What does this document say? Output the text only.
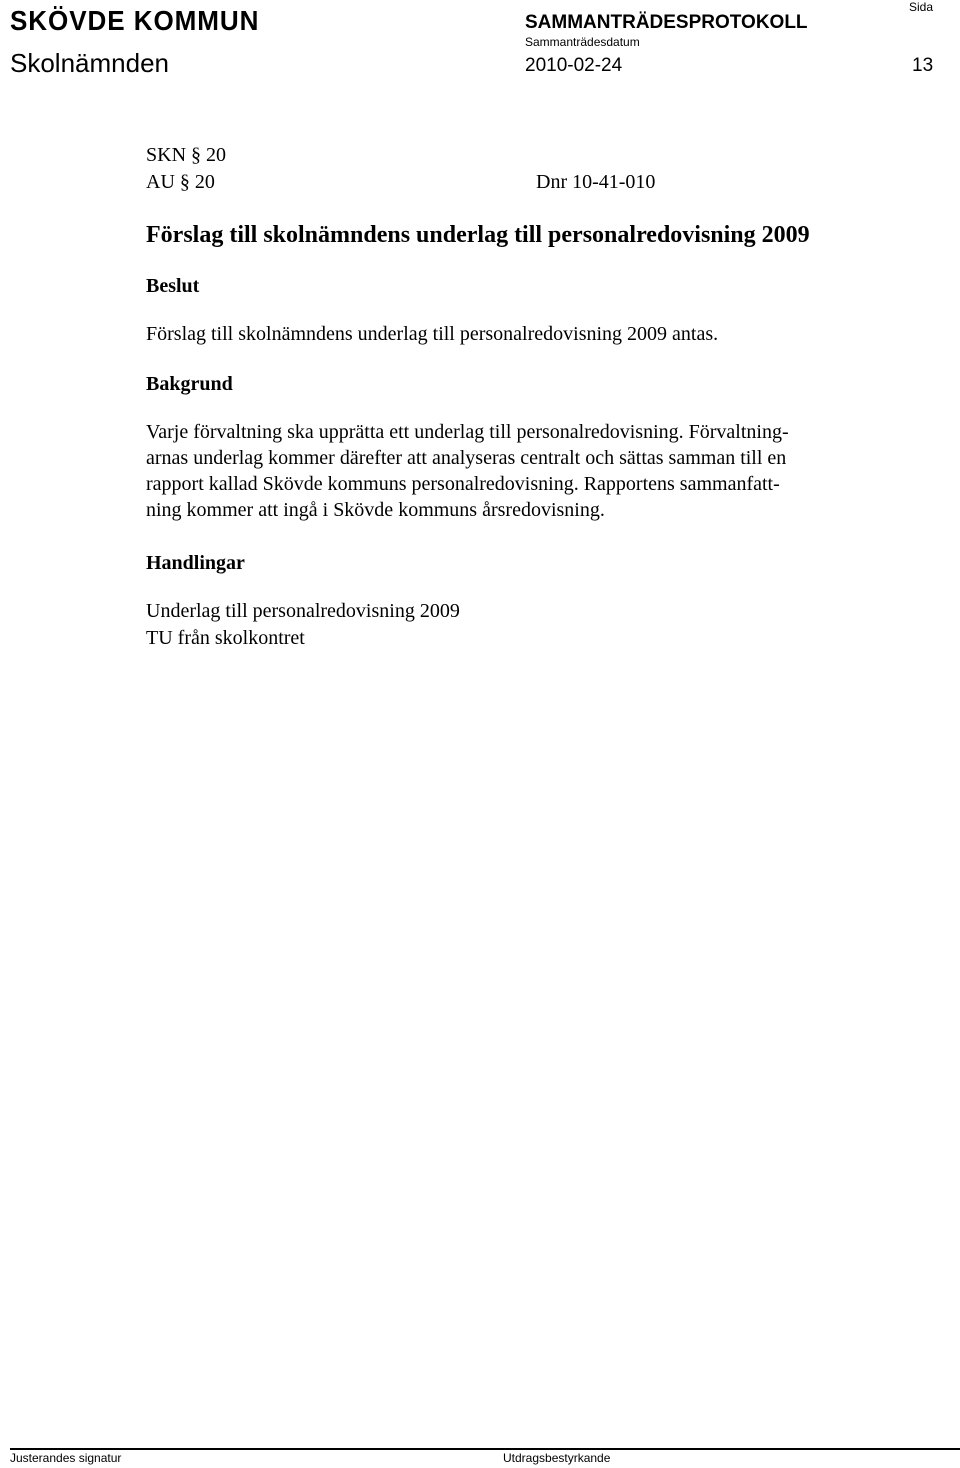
SKÖVDE KOMMUN	SAMMANTRÄDESPROTOKOLL
Sida
Sammanträdesdatum
Skolnämnden	2010-02-24	13
SKN § 20
AU § 20	Dnr 10-41-010
Förslag till skolnämndens underlag till personalredovisning 2009
Beslut
Förslag till skolnämndens underlag till personalredovisning 2009 antas.
Bakgrund
Varje förvaltning ska upprätta ett underlag till personalredovisning. Förvaltning-
arnas underlag kommer därefter att analyseras centralt och sättas samman till en
rapport kallad Skövde kommuns personalredovisning. Rapportens sammanfatt-
ning kommer att ingå i Skövde kommuns årsredovisning.
Handlingar
Underlag till personalredovisning 2009
TU från skolkontret
Justerandes signatur	Utdragsbestyrkande
